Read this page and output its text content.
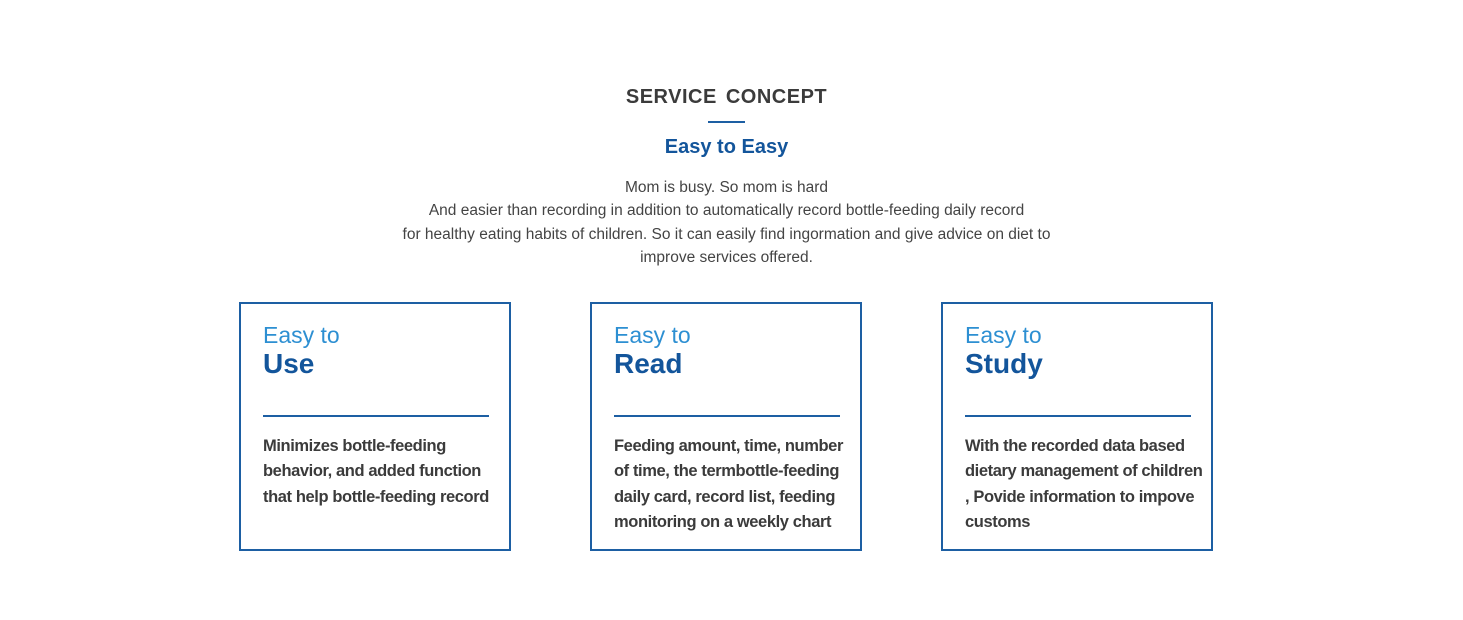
SERVICE CONCEPT
Easy to Easy

Mom is busy. So mom is hard
And easier than recording in addition to automatically record bottle-feeding daily record
for healthy eating habits of children. So it can easily find ingormation and give advice on diet to
improve services offered.

Easy to
Use

Minimizes bottle-feeding
behavior, and added function
that help bottle-feeding record

Easy to
Read

Feeding amount, time, number
of time, the termbottle-feeding
daily card, record list, feeding
monitoring on a weekly chart

Easy to
Study

With the recorded data based
dietary management of children
, Povide information to impove
customs
